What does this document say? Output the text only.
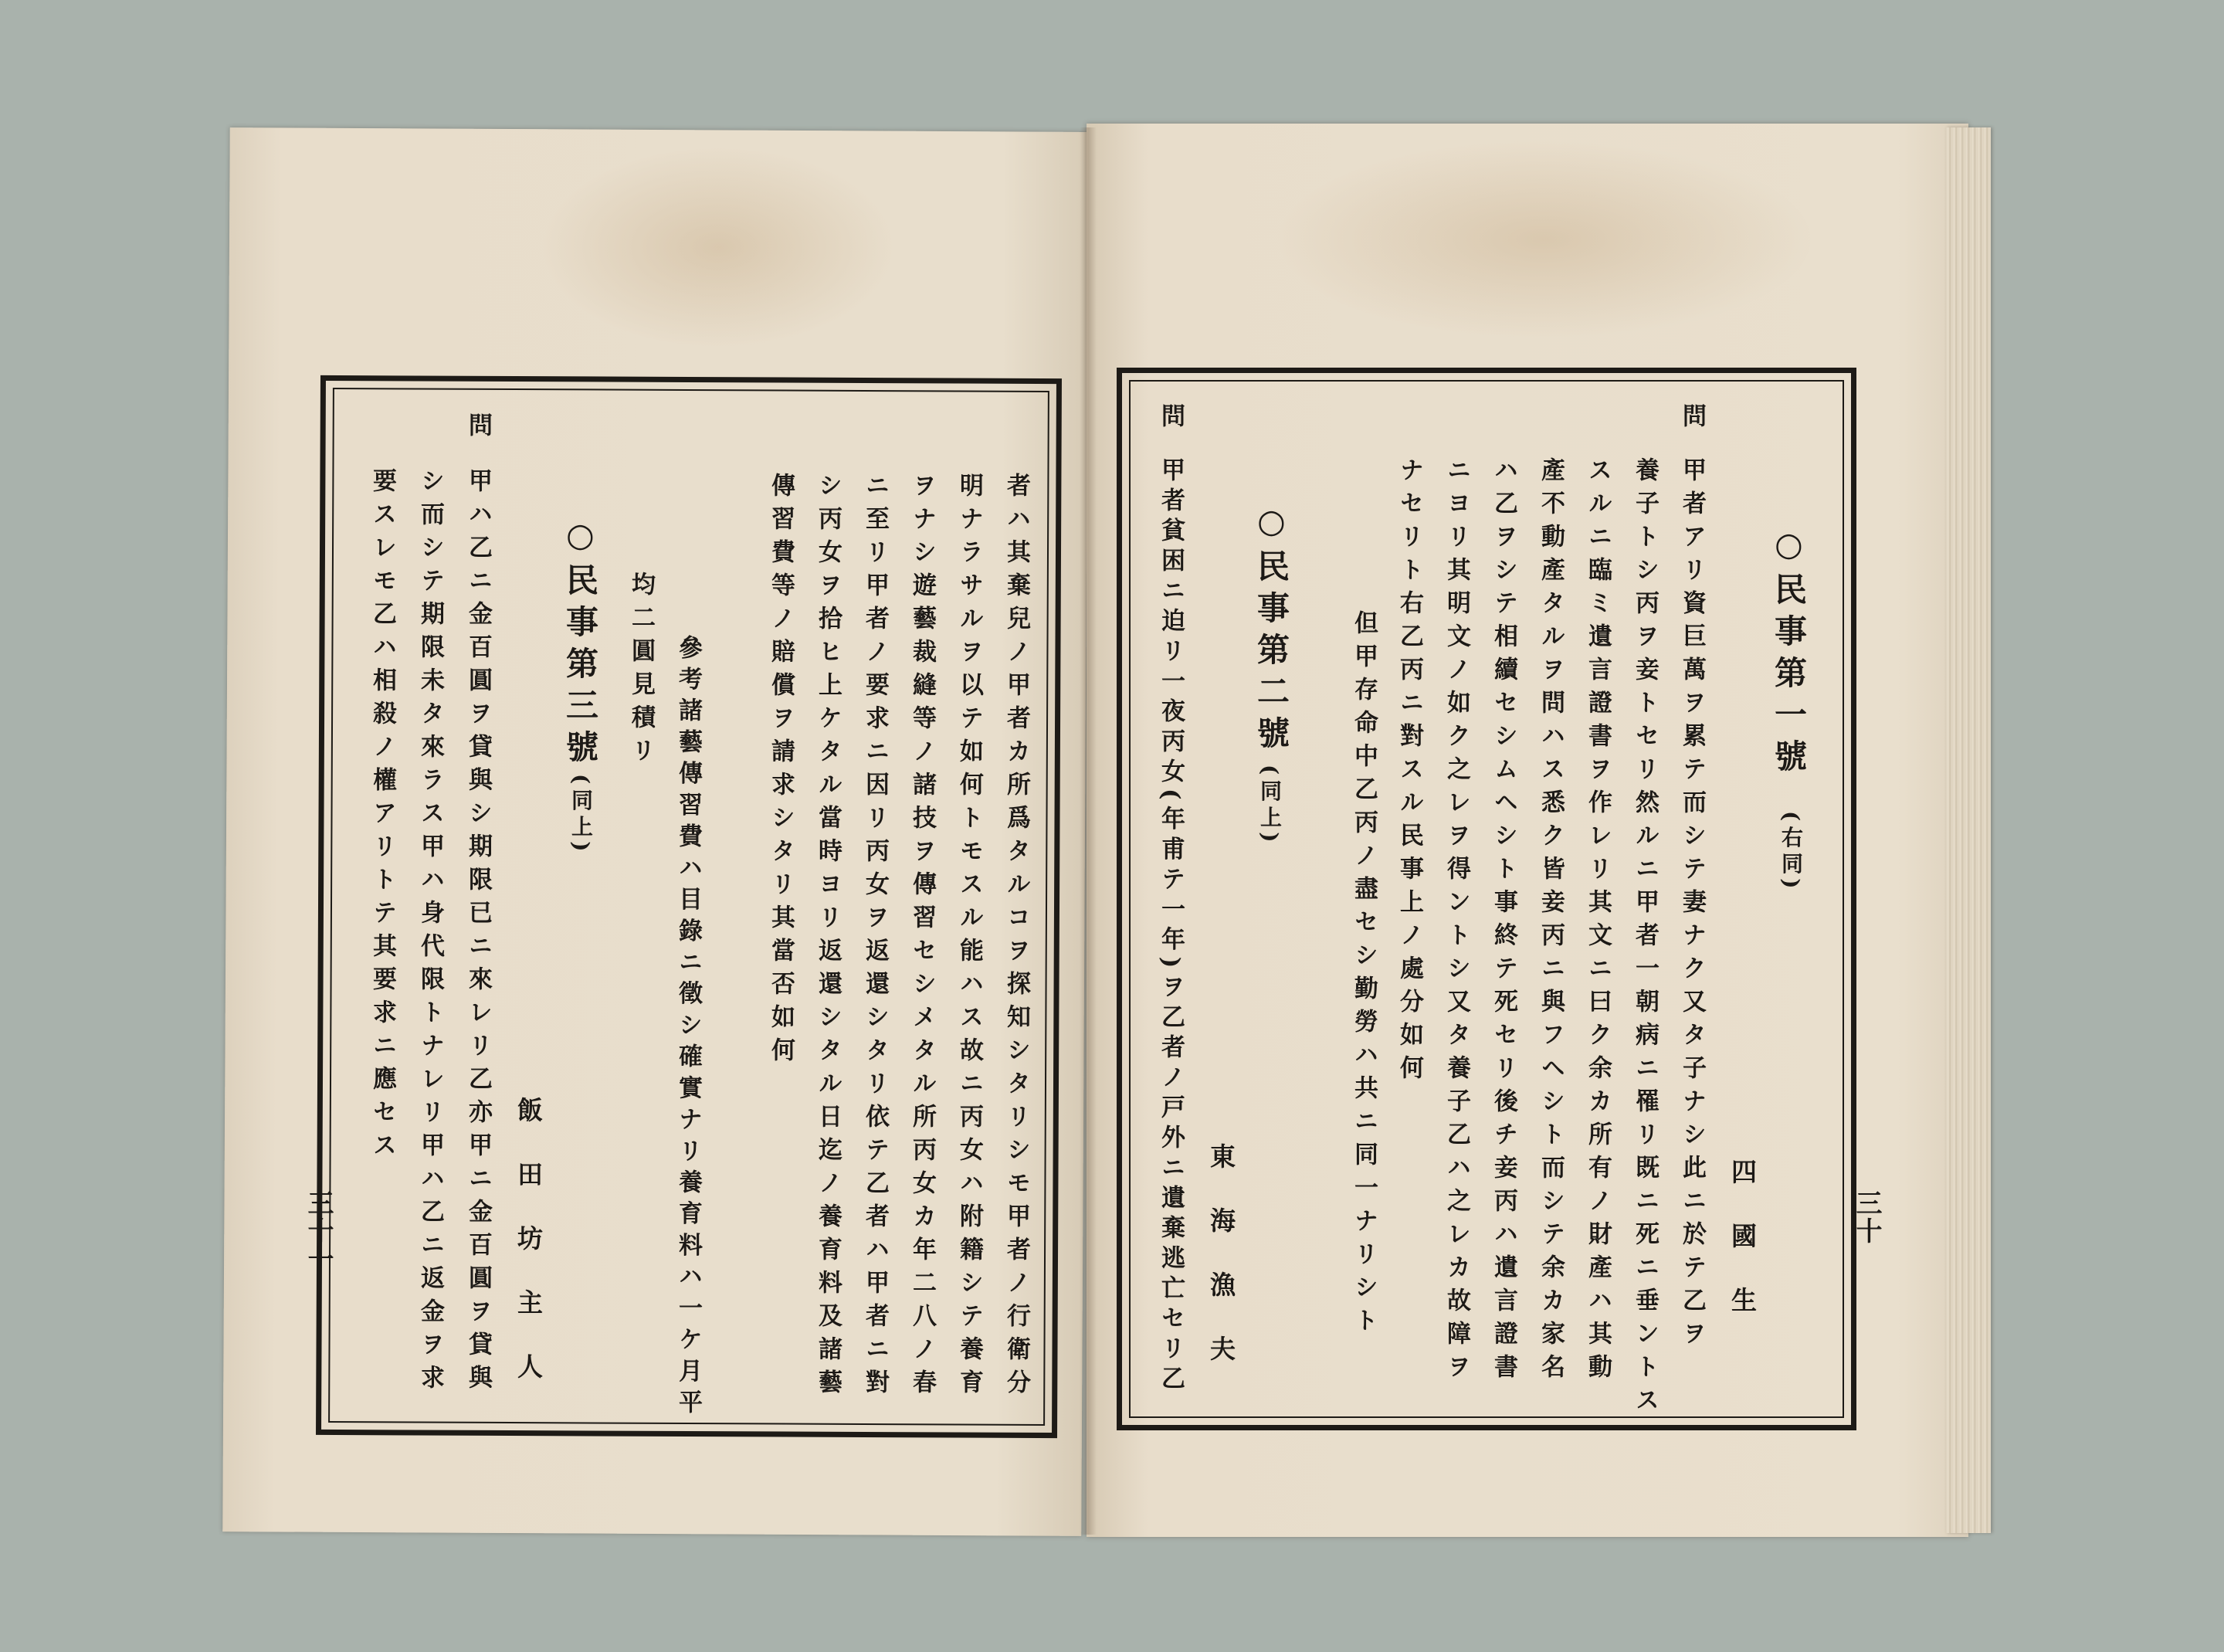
三十
問
○民事第一號
(右同)
四國生
甲者アリ資巨萬ヲ累テ而シテ妻ナク又タ子ナシ此ニ於テ乙ヲ
養子トシ丙ヲ妾トセリ然ルニ甲者一朝病ニ罹リ既ニ死ニ垂ントス
スルニ臨ミ遺言證書ヲ作レリ其文ニ曰ク余カ所有ノ財產ハ其動
產不動產タルヲ問ハス悉ク皆妾丙ニ與フヘシト而シテ余カ家名
ハ乙ヲシテ相續セシムヘシト事終テ死セリ後チ妾丙ハ遺言證書
ニヨリ其明文ノ如ク之レヲ得ントシ又タ養子乙ハ之レカ故障ヲ
ナセリト右乙丙ニ對スル民事上ノ處分如何
但甲存命中乙丙ノ盡セシ勤勞ハ共ニ同一ナリシト
○民事第二號
(同上)
東海漁夫
問
甲者貧困ニ迫リ一夜丙女(年甫テ一年)ヲ乙者ノ戸外ニ遺棄逃亡セリ乙
三十一	者ハ其棄兒ノ甲者カ所爲タルコヲ探知シタリシモ甲者ノ行衛分
明ナラサルヲ以テ如何トモスル能ハス故ニ丙女ハ附籍シテ養育
ヲナシ遊藝裁縫等ノ諸技ヲ傳習セシメタル所丙女カ年二八ノ春
ニ至リ甲者ノ要求ニ因リ丙女ヲ返還シタリ依テ乙者ハ甲者ニ對
シ丙女ヲ拾ヒ上ケタル當時ヨリ返還シタル日迄ノ養育料及諸藝
傳習費等ノ賠償ヲ請求シタリ其當否如何
參考諸藝傳習費ハ目錄ニ徵シ確實ナリ養育料ハ一ケ月平
均二圓見積リ
○民事第三號
(同上)
飯田坊主人
問
甲ハ乙ニ金百圓ヲ貸與シ期限已ニ來レリ乙亦甲ニ金百圓ヲ貸與
シ而シテ期限未タ來ラス甲ハ身代限トナレリ甲ハ乙ニ返金ヲ求
要スレモ乙ハ相殺ノ權アリトテ其要求ニ應セス
